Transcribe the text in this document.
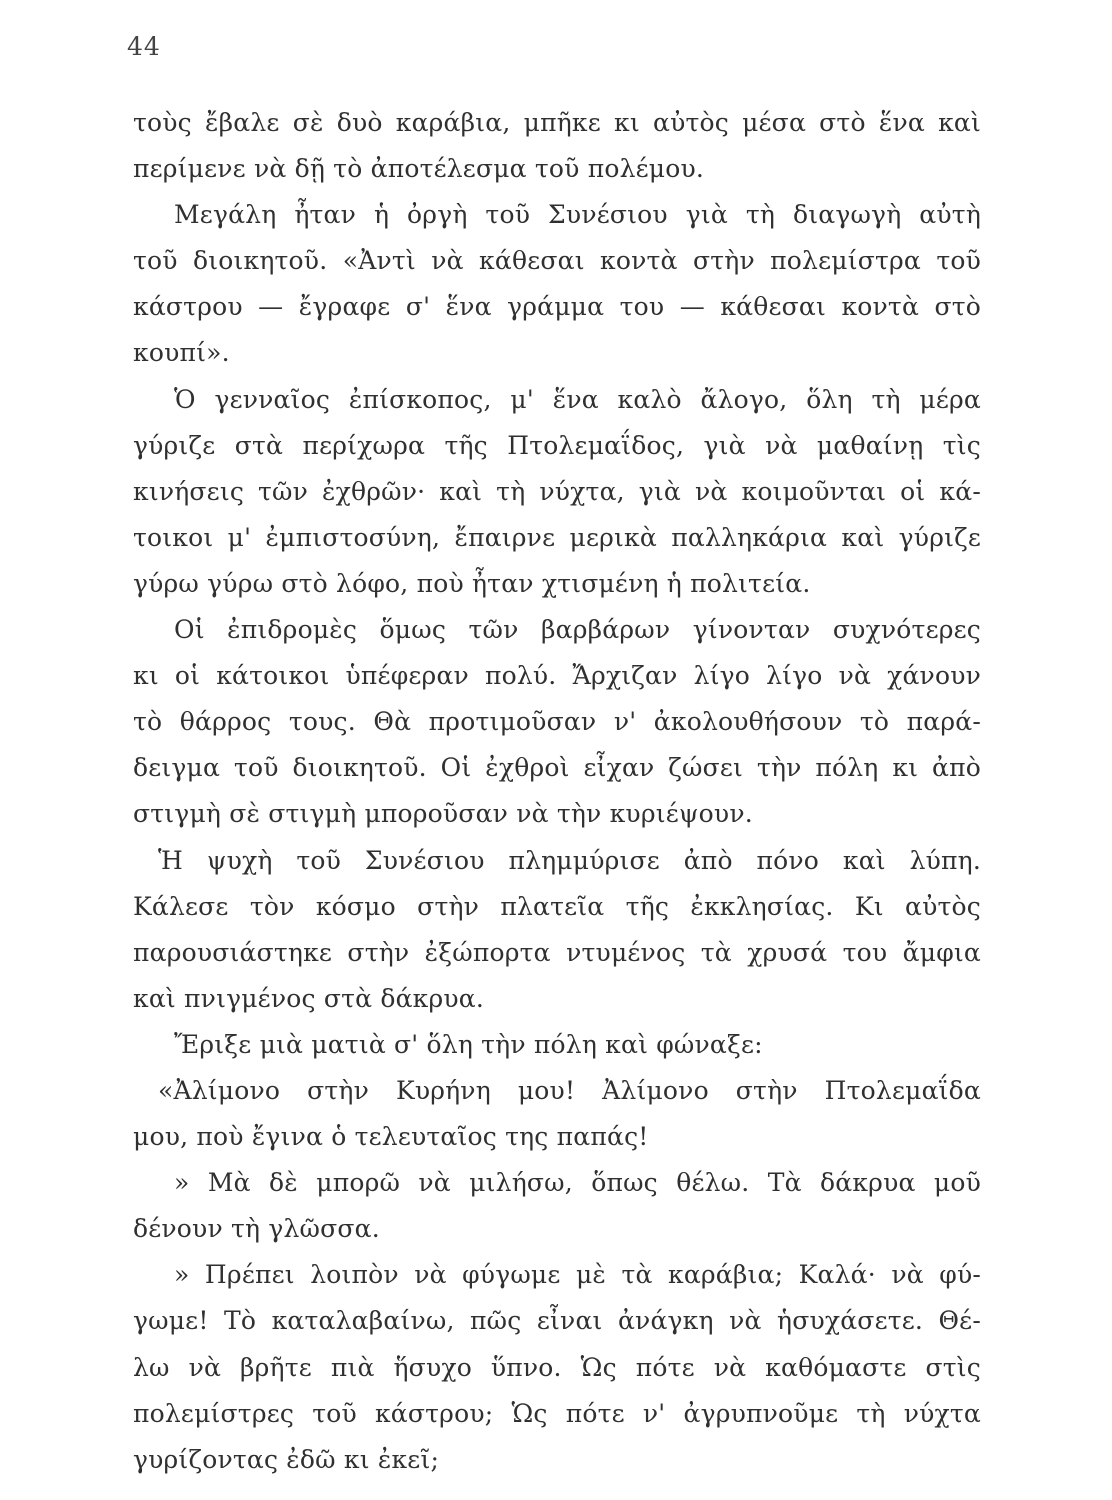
44
τοὺς ἔβαλε σὲ δυὸ καράβια, μπῆκε κι αὐτὸς μέσα στὸ ἕνα καὶ
περίμενε νὰ δῇ τὸ ἀποτέλεσμα τοῦ πολέμου.
Μεγάλη ἦταν ἡ ὀργὴ τοῦ Συνέσιου γιὰ τὴ διαγωγὴ αὐτὴ
τοῦ διοικητοῦ. «Ἀντὶ νὰ κάθεσαι κοντὰ στὴν πολεμίστρα τοῦ
κάστρου — ἔγραφε σ' ἕνα γράμμα του — κάθεσαι κοντὰ στὸ
κουπί».
Ὁ γενναῖος ἐπίσκοπος, μ' ἕνα καλὸ ἄλογο, ὅλη τὴ μέρα
γύριζε στὰ περίχωρα τῆς Πτολεμαΐδος, γιὰ νὰ μαθαίνῃ τὶς
κινήσεις τῶν ἐχθρῶν· καὶ τὴ νύχτα, γιὰ νὰ κοιμοῦνται οἱ κά-
τοικοι μ' ἐμπιστοσύνη, ἔπαιρνε μερικὰ παλληκάρια καὶ γύριζε
γύρω γύρω στὸ λόφο, ποὺ ἦταν χτισμένη ἡ πολιτεία.
Οἱ ἐπιδρομὲς ὅμως τῶν βαρβάρων γίνονταν συχνότερες
κι οἱ κάτοικοι ὑπέφεραν πολύ. Ἄρχιζαν λίγο λίγο νὰ χάνουν
τὸ θάρρος τους. Θὰ προτιμοῦσαν ν' ἀκολουθήσουν τὸ παρά-
δειγμα τοῦ διοικητοῦ. Οἱ ἐχθροὶ εἶχαν ζώσει τὴν πόλη κι ἀπὸ
στιγμὴ σὲ στιγμὴ μποροῦσαν νὰ τὴν κυριέψουν.
Ἡ ψυχὴ τοῦ Συνέσιου πλημμύρισε ἀπὸ πόνο καὶ λύπη.
Κάλεσε τὸν κόσμο στὴν πλατεῖα τῆς ἐκκλησίας. Κι αὐτὸς
παρουσιάστηκε στὴν ἐξώπορτα ντυμένος τὰ χρυσά του ἄμφια
καὶ πνιγμένος στὰ δάκρυα.
Ἔριξε μιὰ ματιὰ σ' ὅλη τὴν πόλη καὶ φώναξε:
«Ἀλίμονο στὴν Κυρήνη μου! Ἀλίμονο στὴν Πτολεμαΐδα
μου, ποὺ ἔγινα ὁ τελευταῖος της παπάς!
» Μὰ δὲ μπορῶ νὰ μιλήσω, ὅπως θέλω. Τὰ δάκρυα μοῦ
δένουν τὴ γλῶσσα.
» Πρέπει λοιπὸν νὰ φύγωμε μὲ τὰ καράβια; Καλά· νὰ φύ-
γωμε! Τὸ καταλαβαίνω, πῶς εἶναι ἀνάγκη νὰ ἡσυχάσετε. Θέ-
λω νὰ βρῆτε πιὰ ἥσυχο ὕπνο. Ὡς πότε νὰ καθόμαστε στὶς
πολεμίστρες τοῦ κάστρου; Ὡς πότε ν' ἀγρυπνοῦμε τὴ νύχτα
γυρίζοντας ἐδῶ κι ἐκεῖ;
